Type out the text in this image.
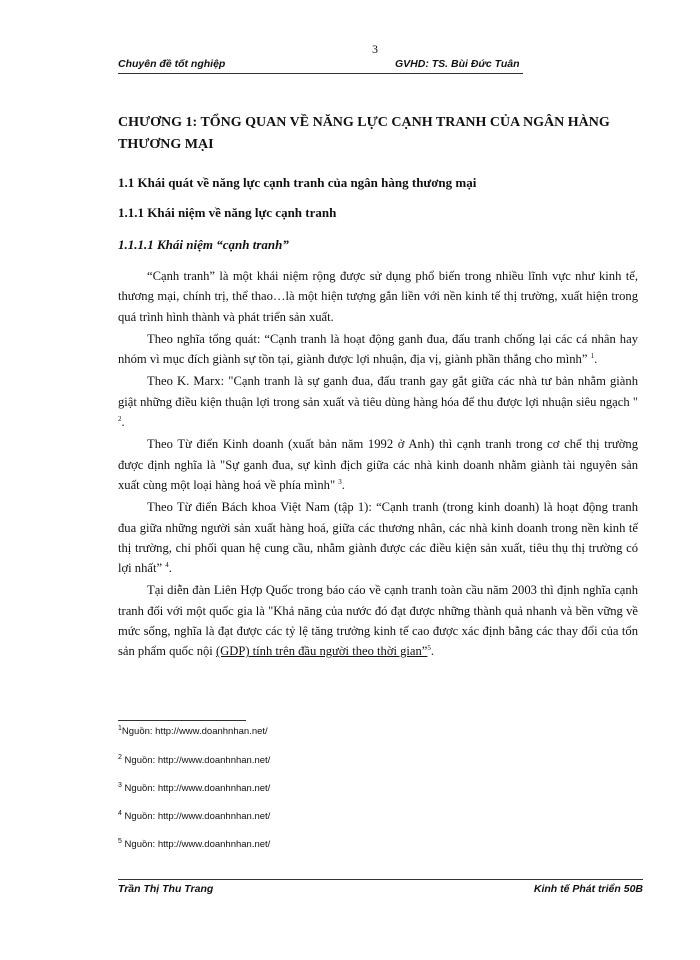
3
Chuyên đề tốt nghiệp	GVHD: TS. Bùi Đức Tuân

CHƯƠNG 1: TỔNG QUAN VỀ NĂNG LỰC CẠNH TRANH CỦA NGÂN HÀNG THƯƠNG MẠI

1.1 Khái quát về năng lực cạnh tranh của ngân hàng thương mại

1.1.1 Khái niệm về năng lực cạnh tranh

1.1.1.1 Khái niệm “cạnh tranh”

“Cạnh tranh” là một khái niệm rộng được sử dụng phổ biến trong nhiều lĩnh vực như kinh tế, thương mại, chính trị, thể thao…là một hiện tượng gắn liền với nền kinh tế thị trường, xuất hiện trong quá trình hình thành và phát triển sản xuất.

Theo nghĩa tổng quát: “Cạnh tranh là hoạt động ganh đua, đấu tranh chống lại các cá nhân hay nhóm vì mục đích giành sự tồn tại, giành được lợi nhuận, địa vị, giành phần thắng cho mình” $^1$.

Theo K. Marx: "Cạnh tranh là sự ganh đua, đấu tranh gay gắt giữa các nhà tư bản nhằm giành giật những điều kiện thuận lợi trong sản xuất và tiêu dùng hàng hóa để thu được lợi nhuận siêu ngạch " $^2$.

Theo Từ điển Kinh doanh (xuất bản năm 1992 ở Anh) thì cạnh tranh trong cơ chế thị trường được định nghĩa là "Sự ganh đua, sự kình địch giữa các nhà kinh doanh nhằm giành tài nguyên sản xuất cùng một loại hàng hoá về phía mình" $^3$.

Theo Từ điển Bách khoa Việt Nam (tập 1): “Cạnh tranh (trong kinh doanh) là hoạt động tranh đua giữa những người sản xuất hàng hoá, giữa các thương nhân, các nhà kinh doanh trong nền kinh tế thị trường, chi phối quan hệ cung cầu, nhằm giành được các điều kiện sản xuất, tiêu thụ thị trường có lợi nhất” $^4$.

Tại diễn đàn Liên Hợp Quốc trong báo cáo về cạnh tranh toàn cầu năm 2003 thì định nghĩa cạnh tranh đối với một quốc gia là "Khả năng của nước đó đạt được những thành quả nhanh và bền vững về mức sống, nghĩa là đạt được các tỷ lệ tăng trưởng kinh tế cao được xác định bằng các thay đổi của tổn sản phẩm quốc nội (GDP) tính trên đầu người theo thời gian”$^5$.

$^1$Nguồn: http://www.doanhnhan.net/
$^2$ Nguồn: http://www.doanhnhan.net/
$^3$ Nguồn: http://www.doanhnhan.net/
$^4$ Nguồn: http://www.doanhnhan.net/
$^5$ Nguồn: http://www.doanhnhan.net/
Trần Thị Thu Trang	Kinh tế Phát triển 50B
